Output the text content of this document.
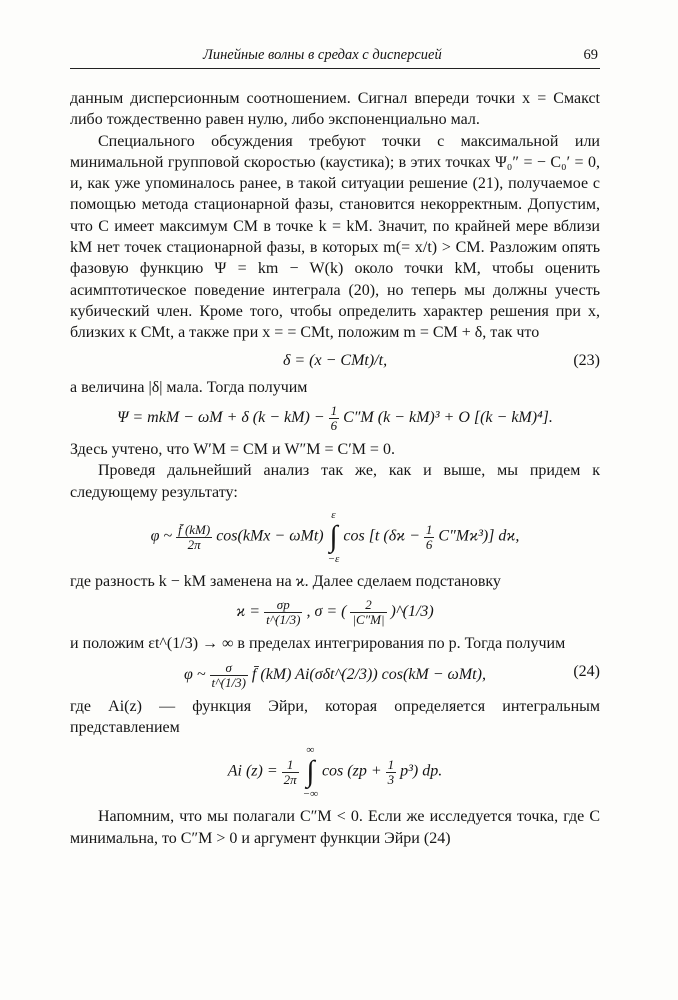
Линейные волны в средах с дисперсией	69

данным дисперсионным соотношением. Сигнал впереди точки x = Cмаксt либо тождественно равен нулю, либо экспоненциально мал.

Специального обсуждения требуют точки с максимальной или минимальной групповой скоростью (каустика); в этих точках Ψ₀″ = − C₀′ = 0, и, как уже упоминалось ранее, в такой ситуации решение (21), получаемое с помощью метода стационарной фазы, становится некорректным. Допустим, что C имеет максимум CM в точке k = kM. Значит, по крайней мере вблизи kM нет точек стационарной фазы, в которых m(= x/t) > CM. Разложим опять фазовую функцию Ψ = km − W(k) около точки kM, чтобы оценить асимптотическое поведение интеграла (20), но теперь мы должны учесть кубический член. Кроме того, чтобы определить характер решения при x, близких к CMt, а также при x = = CMt, положим m = CM + δ, так что

δ = (x − CMt)/t,	(23)

а величина |δ| мала. Тогда получим

Ψ = mkM − ωM + δ $(k - kM) - \frac{1}{6} C''M$ (k − kM)³ + O [(k − kM)⁴].

Здесь учтено, что W′M = CM и W″M = C′M = 0.

Проведя дальнейший анализ так же, как и выше, мы придем к следующему результату:

φ ~ $\frac{f̄ (kM)}{2\pi} \cos(kMx - \omega Mt)$
ε
∫
−ε
cos [t $(\delta ϰ - \frac{1}{6} C''Mϰ^3)$] dϰ,

где разность k − kM заменена на ϰ. Далее сделаем подстановку

$ϰ = \frac{\sigma p}{t\^{}(1/3)}$ , σ = ( $\frac{2}{|C''M|}$ )^(1/3)

и положим εt^(1/3) → ∞ в пределах интегрирования по p. Тогда получим

φ ~ $\frac{\sigma}{t\^{}(1/3)}$ f̄ (kM) Ai(σδt^(2/3)) cos(kM − ωMt),	(24)

где Ai(z) — функция Эйри, которая определяется интегральным представлением

Ai $(z) = \frac{1}{2\pi}$

∞
∫
−∞
$\cos (zp + \frac{1}{3} p^3)$ dp.

Напомним, что мы полагали C″M < 0. Если же исследуется точка, где C минимальна, то C″M > 0 и аргумент функции Эйри (24)
